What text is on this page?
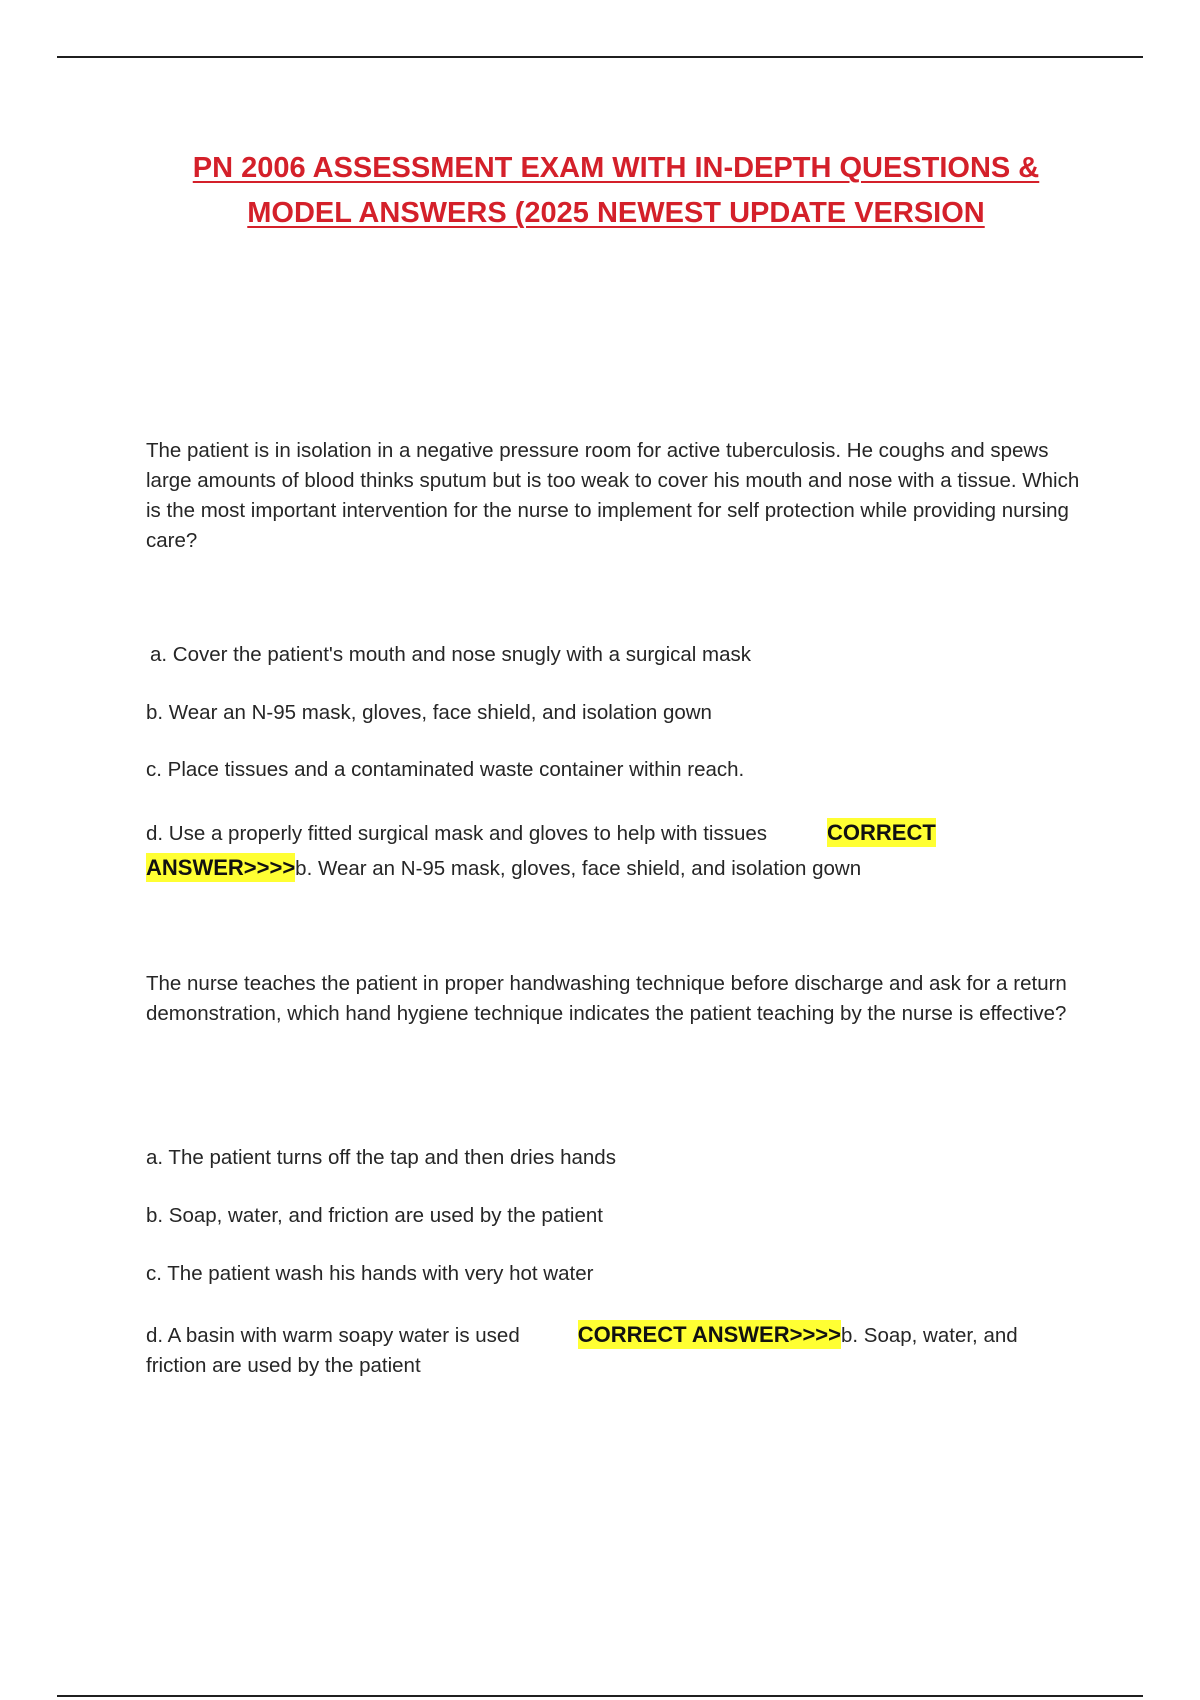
PN 2006 ASSESSMENT EXAM WITH IN-DEPTH QUESTIONS &
MODEL ANSWERS (2025 NEWEST UPDATE VERSION

The patient is in isolation in a negative pressure room for active tuberculosis. He coughs and spews large amounts of blood thinks sputum but is too weak to cover his mouth and nose with a tissue. Which is the most important intervention for the nurse to implement for self protection while providing nursing care?

a. Cover the patient's mouth and nose snugly with a surgical mask

b. Wear an N-95 mask, gloves, face shield, and isolation gown

c. Place tissues and a contaminated waste container within reach.

d. Use a properly fitted surgical mask and gloves to help with tissues	CORRECT
ANSWER>>>>b. Wear an N-95 mask, gloves, face shield, and isolation gown

The nurse teaches the patient in proper handwashing technique before discharge and ask for a return demonstration, which hand hygiene technique indicates the patient teaching by the nurse is effective?

a. The patient turns off the tap and then dries hands

b. Soap, water, and friction are used by the patient

c. The patient wash his hands with very hot water

d. A basin with warm soapy water is used	CORRECT ANSWER>>>>b. Soap, water, and
friction are used by the patient
